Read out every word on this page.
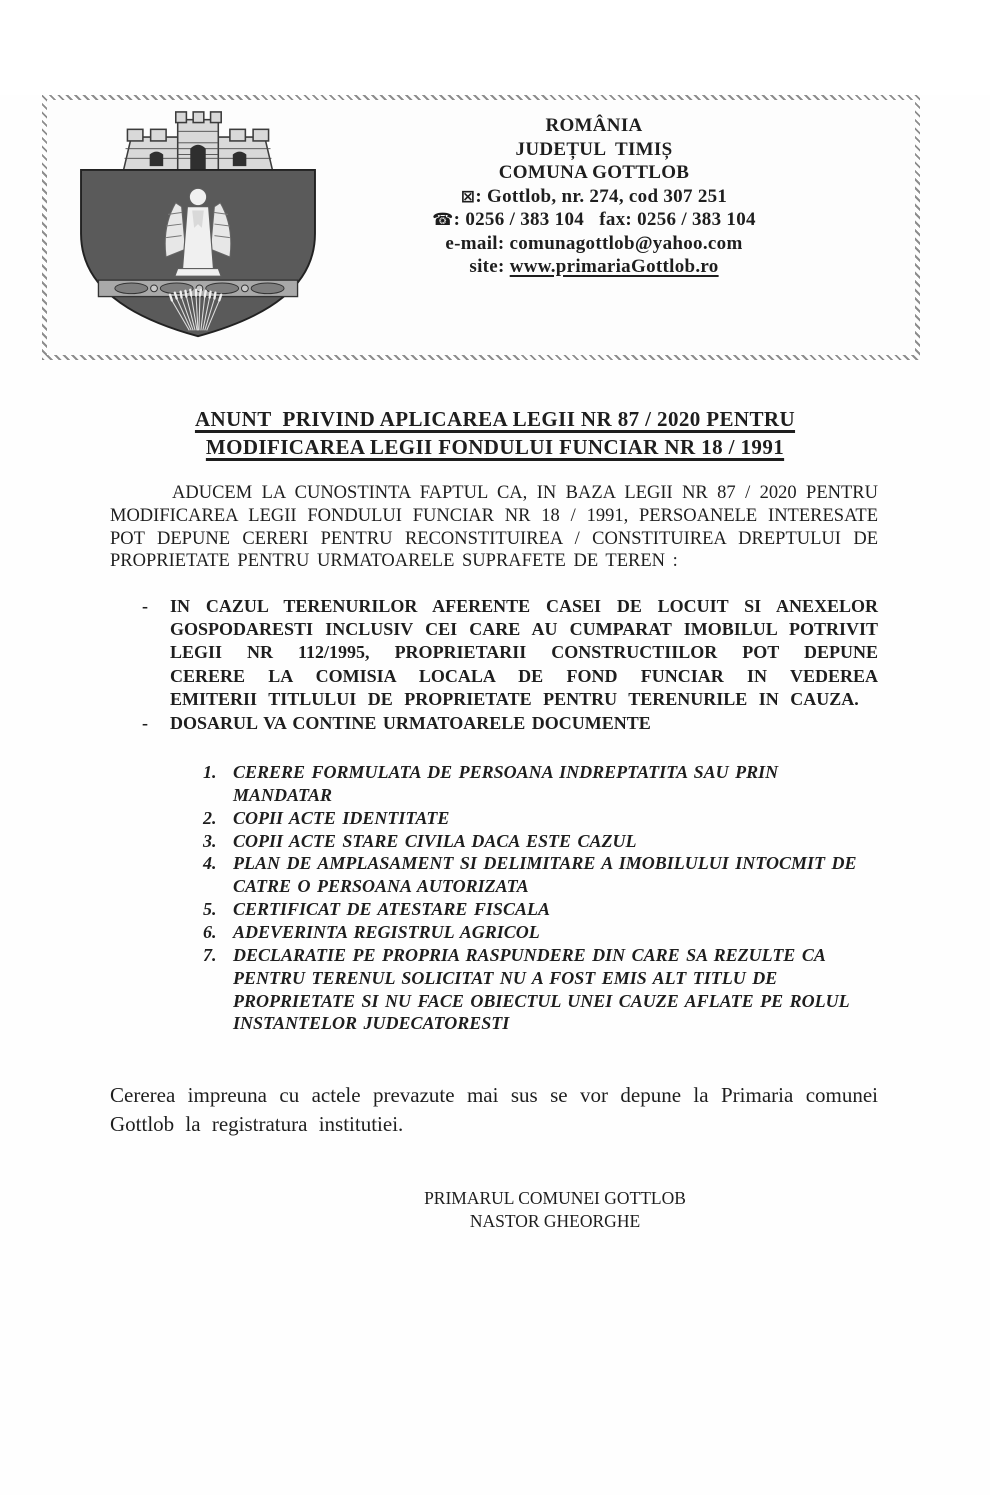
ROMÂNIA
JUDEȚUL  TIMIȘ
COMUNA GOTTLOB
⊠: Gottlob, nr. 274, cod 307 251
☎: 0256 / 383 104   fax: 0256 / 383 104
e-mail: comunagottlob@yahoo.com
site: www.primariaGottlob.ro
ANUNT  PRIVIND APLICAREA LEGII NR 87 / 2020 PENTRU
MODIFICAREA LEGII FONDULUI FUNCIAR NR 18 / 1991

ADUCEM LA CUNOSTINTA FAPTUL CA, IN BAZA LEGII NR 87 / 2020 PENTRU MODIFICAREA LEGII FONDULUI FUNCIAR NR 18 / 1991, PERSOANELE INTERESATE POT DEPUNE CERERI PENTRU RECONSTITUIREA / CONSTITUIREA DREPTULUI DE PROPRIETATE PENTRU URMATOARELE SUPRAFETE DE TEREN :

-	IN CAZUL TERENURILOR AFERENTE CASEI DE LOCUIT SI ANEXELOR GOSPODARESTI INCLUSIV CEI CARE AU CUMPARAT IMOBILUL POTRIVIT LEGII NR 112/1995, PROPRIETARII CONSTRUCTIILOR POT DEPUNE CERERE LA COMISIA LOCALA DE FOND FUNCIAR IN VEDEREA EMITERII TITLULUI DE PROPRIETATE PENTRU TERENURILE IN CAUZA.
-	DOSARUL VA CONTINE URMATOARELE DOCUMENTE
1. CERERE FORMULATA DE PERSOANA INDREPTATITA SAU PRIN MANDATAR
2. COPII ACTE IDENTITATE
3. COPII ACTE STARE CIVILA DACA ESTE CAZUL
4. PLAN DE AMPLASAMENT SI DELIMITARE A IMOBILULUI INTOCMIT DE CATRE O PERSOANA AUTORIZATA
5. CERTIFICAT DE ATESTARE FISCALA
6. ADEVERINTA REGISTRUL AGRICOL
7. DECLARATIE PE PROPRIA RASPUNDERE DIN CARE SA REZULTE CA PENTRU TERENUL SOLICITAT NU A FOST EMIS ALT TITLU DE PROPRIETATE SI NU FACE OBIECTUL UNEI CAUZE AFLATE PE ROLUL INSTANTELOR JUDECATORESTI

Cererea impreuna cu actele prevazute mai sus se vor depune la Primaria comunei Gottlob la registratura institutiei.

PRIMARUL COMUNEI GOTTLOB
NASTOR GHEORGHE
